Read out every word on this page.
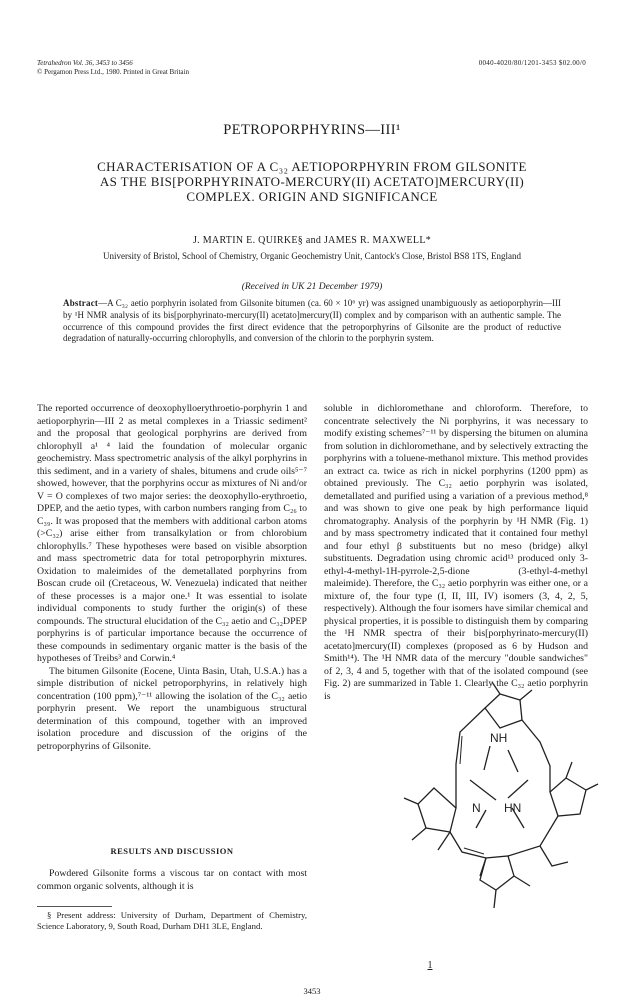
Tetrahedron Vol. 36, 3453 to 3456
© Pergamon Press Ltd., 1980. Printed in Great Britain
0040-4020/80/1201-3453 $02.00/0
PETROPORPHYRINS—III¹
CHARACTERISATION OF A C₃₂ AETIOPORPHYRIN FROM GILSONITE
AS THE BIS[PORPHYRINATO-MERCURY(II) ACETATO]MERCURY(II)
COMPLEX. ORIGIN AND SIGNIFICANCE
J. MARTIN E. QUIRKE§ and JAMES R. MAXWELL*
University of Bristol, School of Chemistry, Organic Geochemistry Unit, Cantock's Close, Bristol BS8 1TS, England
(Received in UK 21 December 1979)
Abstract—A C₃₂ aetio porphyrin isolated from Gilsonite bitumen (ca. 60 × 10⁶ yr) was assigned unambiguously as aetioporphyrin—III by ¹H NMR analysis of its bis[porphyrinato-mercury(II) acetato]mercury(II) complex and by comparison with an authentic sample. The occurrence of this compound provides the first direct evidence that the petroporphyrins of Gilsonite are the product of reductive degradation of naturally-occurring chlorophylls, and conversion of the chlorin to the porphyrin system.

The reported occurrence of deoxophylloerythroetio-porphyrin 1 and aetioporphyrin—III 2 as metal complexes in a Triassic sediment² and the proposal that geological porphyrins are derived from chlorophyll a¹ ⁴ laid the foundation of molecular organic geochemistry. Mass spectrometric analysis of the alkyl porphyrins in this sediment, and in a variety of shales, bitumens and crude oils⁵⁻⁷ showed, however, that the porphyrins occur as mixtures of Ni and/or V = O complexes of two major series: the deoxophyllo-erythroetio, DPEP, and the aetio types, with carbon numbers ranging from C₂₆ to C₃₉. It was proposed that the members with additional carbon atoms (>C₃₂) arise either from transalkylation or from chlorobium chlorophylls.⁷ These hypotheses were based on visible absorption and mass spectrometric data for total petroporphyrin mixtures. Oxidation to maleimides of the demetallated porphyrins from Boscan crude oil (Cretaceous, W. Venezuela) indicated that neither of these processes is a major one.¹ It was essential to isolate individual components to study further the origin(s) of these compounds. The structural elucidation of the C₃₂ aetio and C₃₂DPEP porphyrins is of particular importance because the occurrence of these compounds in sedimentary organic matter is the basis of the hypotheses of Treibs³ and Corwin.⁴

The bitumen Gilsonite (Eocene, Uinta Basin, Utah, U.S.A.) has a simple distribution of nickel petroporphyrins, in relatively high concentration (100 ppm),⁷⁻¹¹ allowing the isolation of the C₃₂ aetio porphyrin present. We report the unambiguous structural determination of this compound, together with an improved isolation procedure and discussion of the origins of the petroporphyrins of Gilsonite.

RESULTS AND DISCUSSION
Powdered Gilsonite forms a viscous tar on contact with most common organic solvents, although it is
§ Present address: University of Durham, Department of Chemistry, Science Laboratory, 9, South Road, Durham DH1 3LE, England.

soluble in dichloromethane and chloroform. Therefore, to concentrate selectively the Ni porphyrins, it was necessary to modify existing schemes⁷⁻¹¹ by dispersing the bitumen on alumina from solution in dichloromethane, and by selectively extracting the porphyrins with a toluene-methanol mixture. This method provides an extract ca. twice as rich in nickel porphyrins (1200 ppm) as obtained previously. The C₃₂ aetio porphyrin was isolated, demetallated and purified using a variation of a previous method,⁸ and was shown to give one peak by high performance liquid chromatography. Analysis of the porphyrin by ¹H NMR (Fig. 1) and by mass spectrometry indicated that it contained four methyl and four ethyl β substituents but no meso (bridge) alkyl substituents. Degradation using chromic acid¹³ produced only 3-ethyl-4-methyl-1H-pyrrole-2,5-dione (3-ethyl-4-methyl maleimide). Therefore, the C₃₂ aetio porphyrin was either one, or a mixture of, the four type (I, II, III, IV) isomers (3, 4, 2, 5, respectively). Although the four isomers have similar chemical and physical properties, it is possible to distinguish them by comparing the ¹H NMR spectra of their bis[porphyrinato-mercury(II) acetato]mercury(II) complexes (proposed as 6 by Hudson and Smith¹⁴). The ¹H NMR data of the mercury "double sandwiches" of 2, 3, 4 and 5, together with that of the isolated compound (see Fig. 2) are summarized in Table 1. Clearly the C₃₂ aetio porphyrin is

NH
N HN
1
3453
